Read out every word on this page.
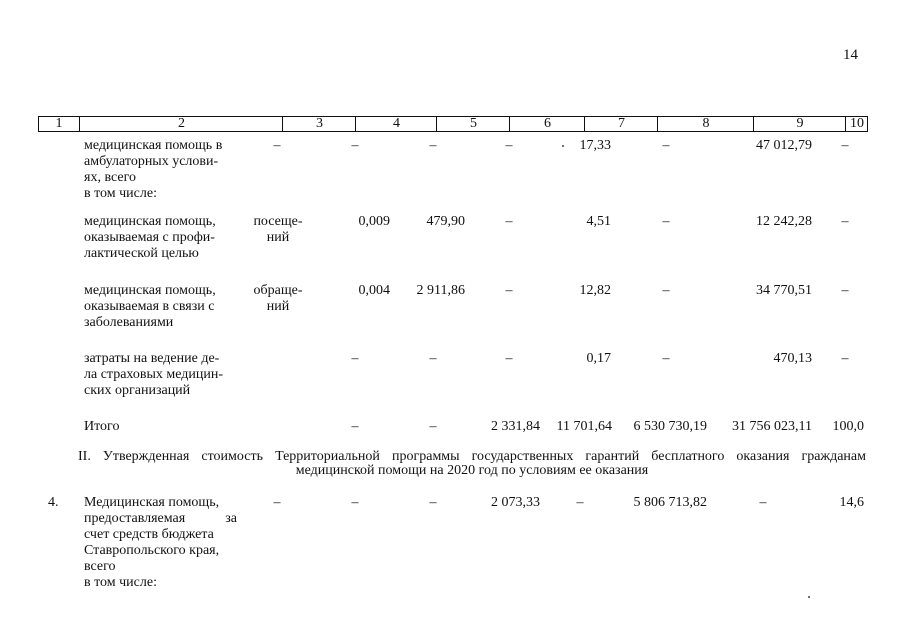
14
1	2	3	4	5	6	7	8	9	10
медицинская помощь в
амбулаторных услови-
ях, всего
в том числе:
–	–	–	–	17,33	–	47 012,79	–
медицинская помощь,
оказываемая с профи-
лактической целью
посеще-
ний
0,009	479,90	–	4,51	–	12 242,28	–
медицинская помощь,
оказываемая в связи с
заболеваниями
обраще-
ний
0,004	2 911,86	–	12,82	–	34 770,51	–
затраты на ведение де-
ла страховых медицин-
ских организаций
–	–	–	0,17	–	470,13	–
Итого	–	–	2 331,84	11 701,64	6 530 730,19	31 756 023,11	100,0
II. Утвержденная стоимость Территориальной программы государственных гарантий бесплатного оказания гражданам медицинской помощи на 2020 год по условиям ее оказания
4. Медицинская помощь,
предоставляемая за
счет средств бюджета
Ставропольского края,
всего
в том числе:
–	–	–	2 073,33	–	5 806 713,82	–	14,6
